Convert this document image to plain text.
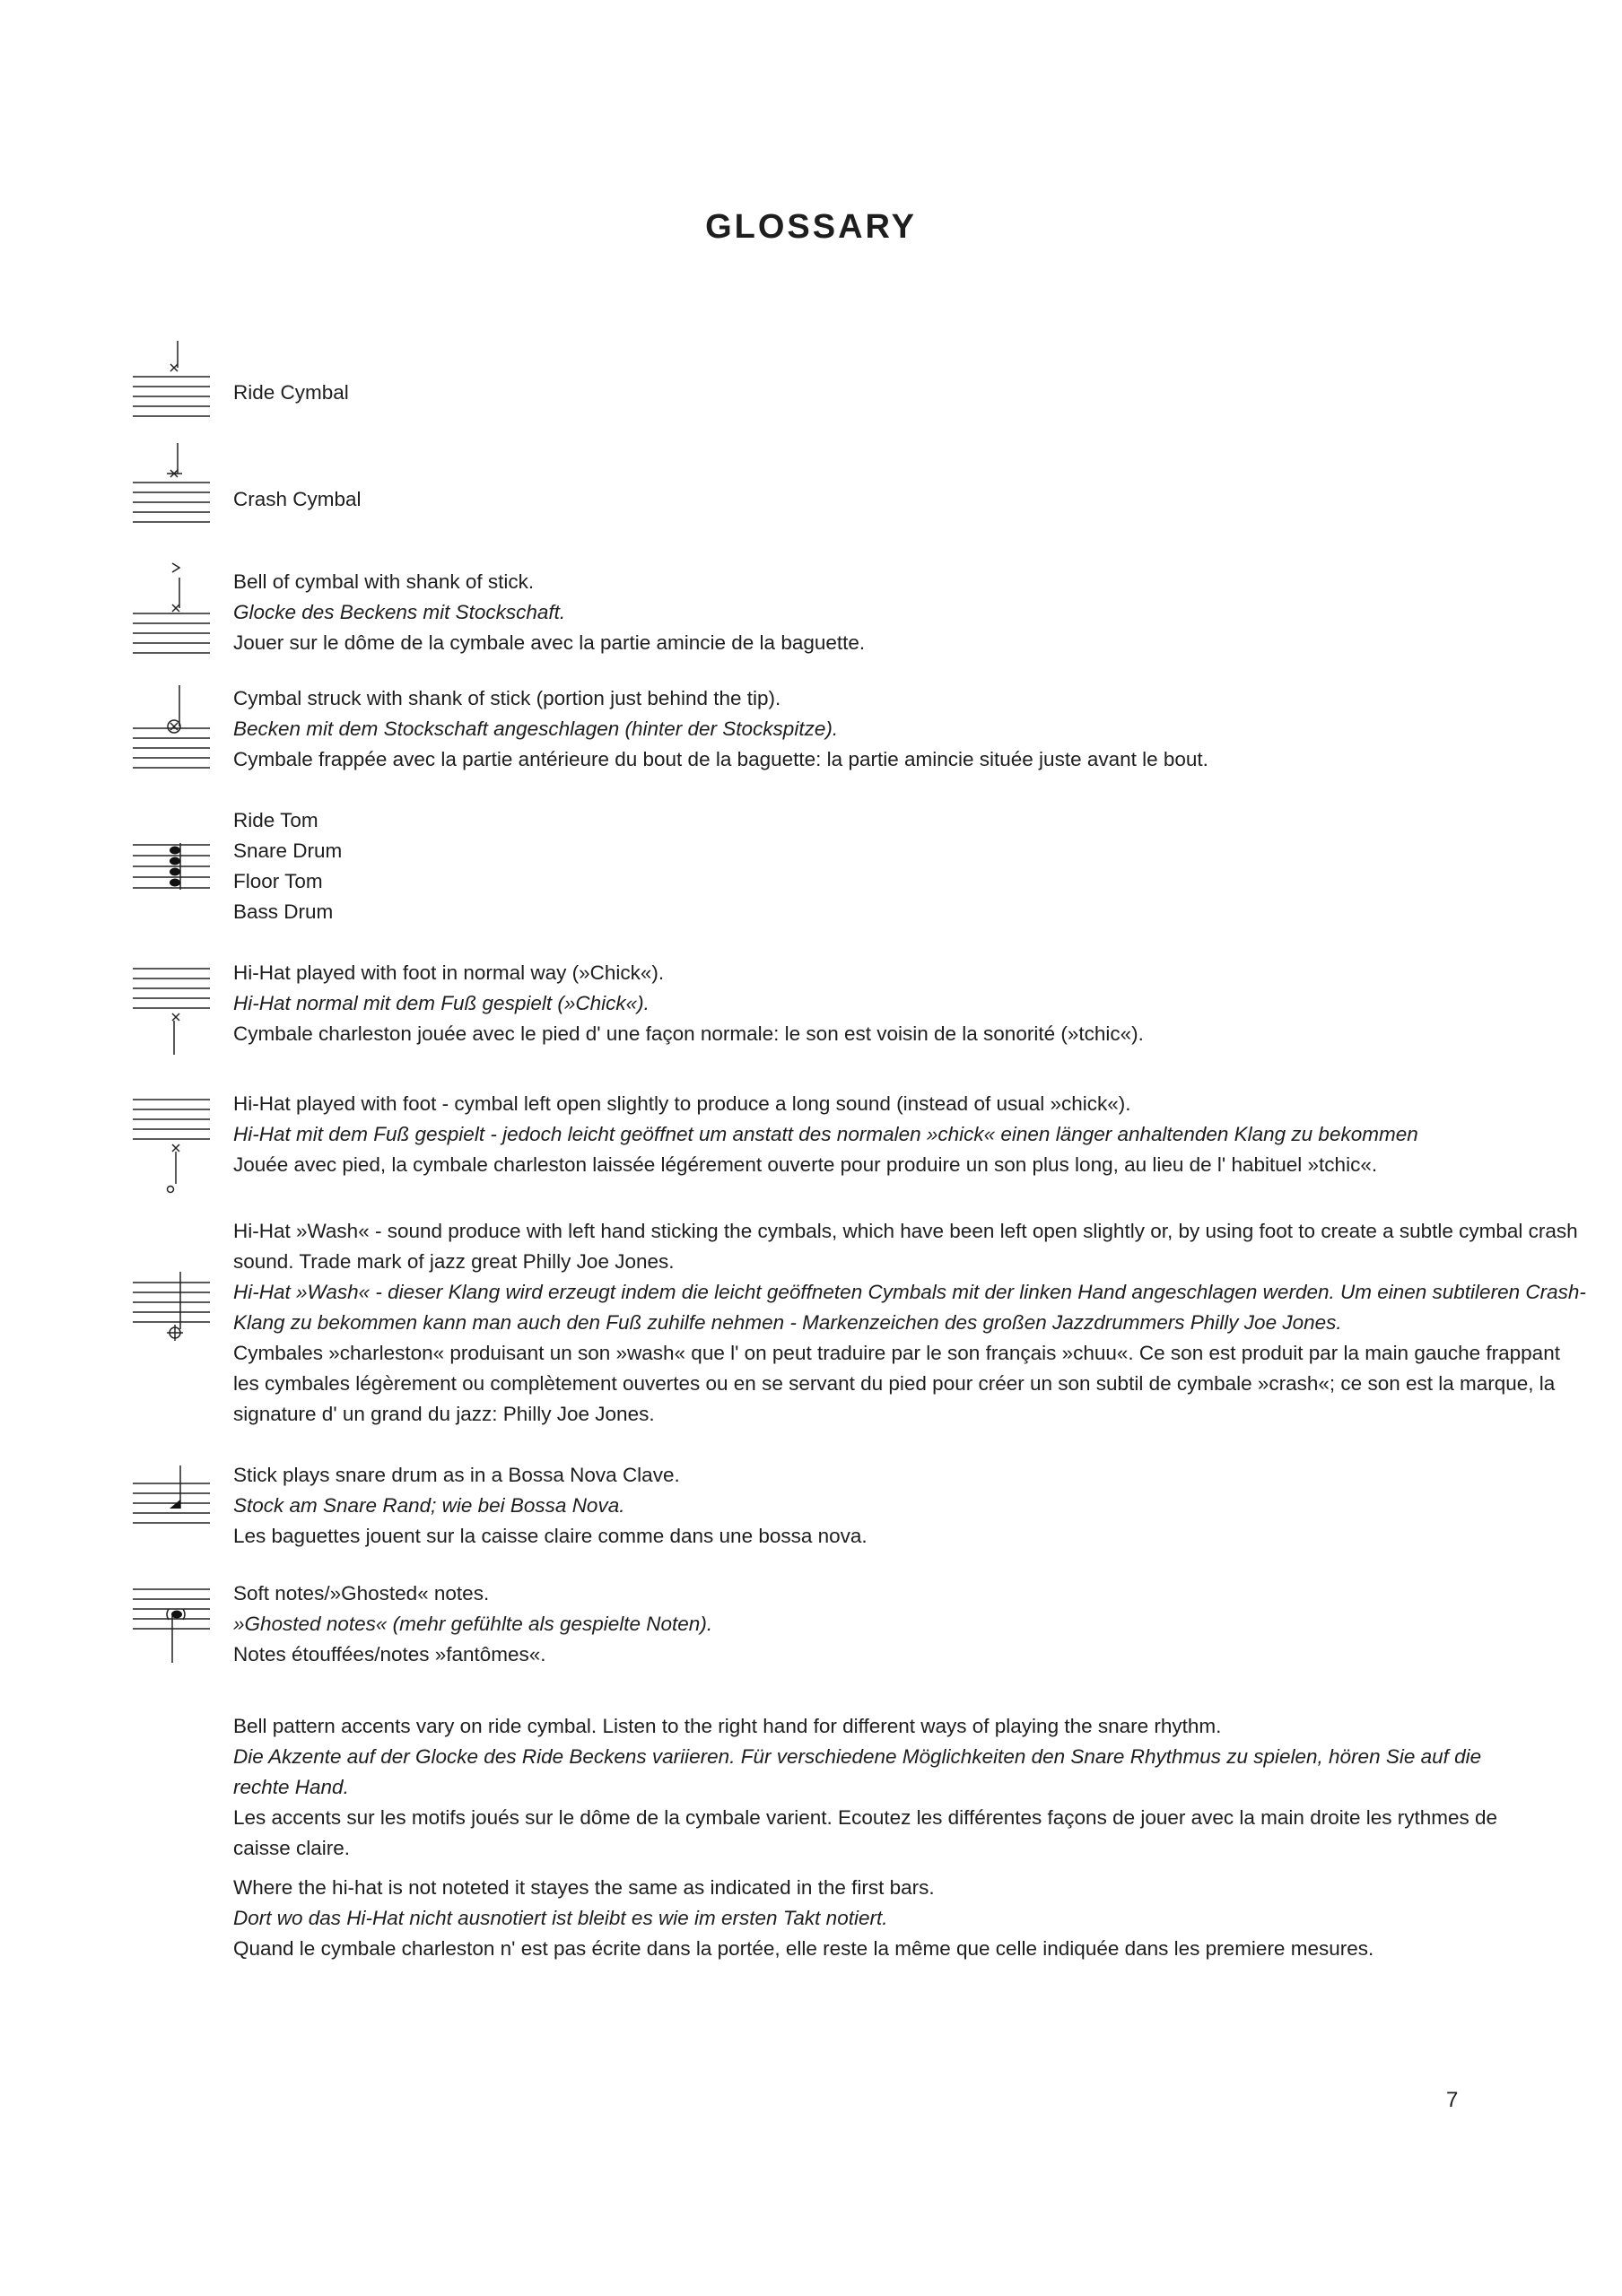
GLOSSARY
Ride Cymbal
Crash Cymbal
Bell of cymbal with shank of stick.
Glocke des Beckens mit Stockschaft.
Jouer sur le dôme de la cymbale avec la partie amincie de la baguette.
Cymbal struck with shank of stick (portion just behind the tip).
Becken mit dem Stockschaft angeschlagen (hinter der Stockspitze).
Cymbale frappée avec la partie antérieure du bout de la baguette: la partie amincie située juste avant le bout.
Ride Tom
Snare Drum
Floor Tom
Bass Drum
Hi-Hat played with foot in normal way (»Chick«).
Hi-Hat normal mit dem Fuß gespielt (»Chick«).
Cymbale charleston jouée avec le pied d' une façon normale: le son est voisin de la sonorité (»tchic«).
Hi-Hat played with foot - cymbal left open slightly to produce a long sound (instead of usual »chick«).
Hi-Hat mit dem Fuß gespielt - jedoch leicht geöffnet um anstatt des normalen »chick« einen länger anhaltenden Klang zu bekommen
Jouée avec pied, la cymbale charleston laissée légérement ouverte pour produire un son plus long, au lieu de l' habituel »tchic«.
Hi-Hat »Wash« - sound produce with left hand sticking the cymbals, which have been left open slightly or, by using foot to create a subtle cymbal crash
sound. Trade mark of jazz great Philly Joe Jones.
Hi-Hat »Wash« - dieser Klang wird erzeugt indem die leicht geöffneten Cymbals mit der linken Hand angeschlagen werden. Um einen subtileren Crash-
Klang zu bekommen kann man auch den Fuß zuhilfe nehmen - Markenzeichen des großen Jazzdrummers Philly Joe Jones.
Cymbales »charleston« produisant un son »wash« que l' on peut traduire par le son français »chuu«. Ce son est produit par la main gauche frappant
les cymbales légèrement ou complètement ouvertes ou en se servant du pied pour créer un son subtil de cymbale »crash«; ce son est la marque, la
signature d' un grand du jazz: Philly Joe Jones.
Stick plays snare drum as in a Bossa Nova Clave.
Stock am Snare Rand; wie bei Bossa Nova.
Les baguettes jouent sur la caisse claire comme dans une bossa nova.
Soft notes/»Ghosted« notes.
»Ghosted notes« (mehr gefühlte als gespielte Noten).
Notes étouffées/notes »fantômes«.
Bell pattern accents vary on ride cymbal. Listen to the right hand for different ways of playing the snare rhythm.
Die Akzente auf der Glocke des Ride Beckens variieren. Für verschiedene Möglichkeiten den Snare Rhythmus zu spielen, hören Sie auf die rechte Hand.
Les accents sur les motifs joués sur le dôme de la cymbale varient. Ecoutez les différentes façons de jouer avec la main droite les rythmes de caisse claire.
Where the hi-hat is not noteted it stayes the same as indicated in the first bars.
Dort wo das Hi-Hat nicht ausnotiert ist bleibt es wie im ersten Takt notiert.
Quand le cymbale charleston n' est pas écrite dans la portée, elle reste la même que celle indiquée dans les premiere mesures.
7
